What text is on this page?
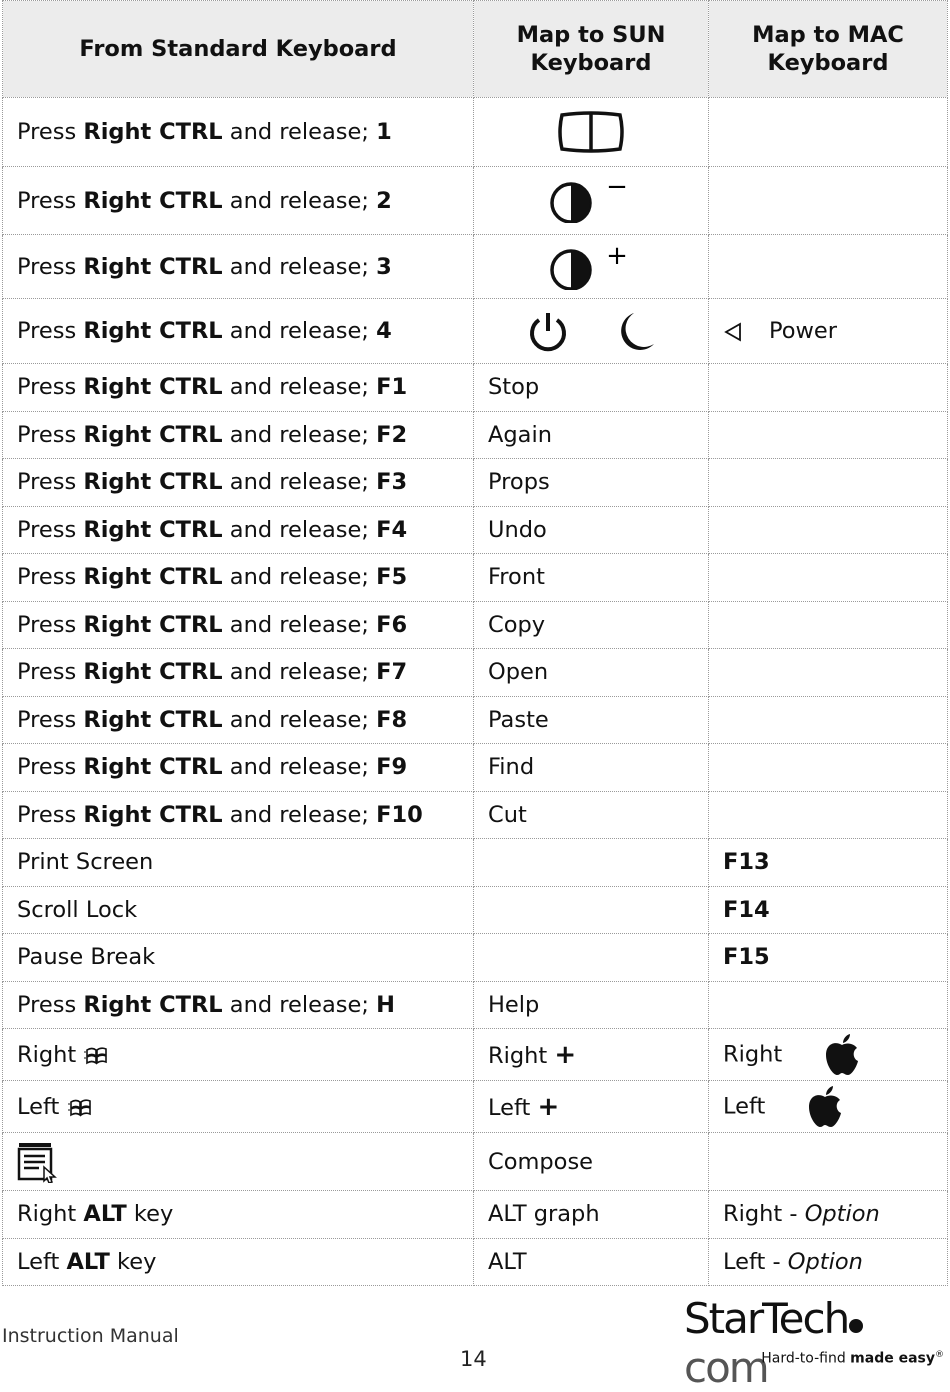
From Standard Keyboard	Map to SUN Keyboard	Map to MAC Keyboard
Press Right CTRL and release; 1		
Press Right CTRL and release; 2	−	

Press Right CTRL and release; 3	+	

Press Right CTRL and release; 4		Power
Press Right CTRL and release; F1	Stop	
Press Right CTRL and release; F2	Again	
Press Right CTRL and release; F3	Props	
Press Right CTRL and release; F4	Undo	
Press Right CTRL and release; F5	Front	
Press Right CTRL and release; F6	Copy	
Press Right CTRL and release; F7	Open	
Press Right CTRL and release; F8	Paste	
Press Right CTRL and release; F9	Find	
Press Right CTRL and release; F10	Cut	
Print Screen		F13
Scroll Lock		F14
Pause Break		F15
Press Right CTRL and release; H	Help	
Right	Right +	Right
Left	Left +	Left
	Compose	
Right ALT key	ALT graph	Right - Option
Left ALT key	ALT	Left - Option
Instruction Manual
14
StarTechcom
Hard-to-find made easy®
